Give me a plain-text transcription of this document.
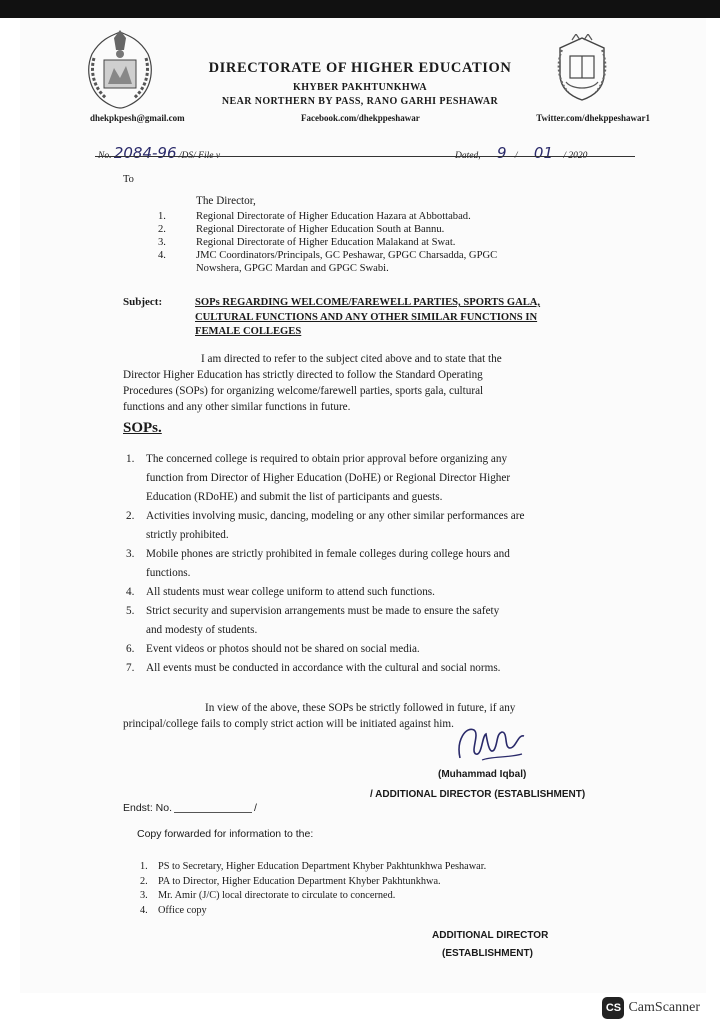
DIRECTORATE OF HIGHER EDUCATION
KHYBER PAKHTUNKHWA
NEAR NORTHERN BY PASS, RANO GARHI PESHAWAR
dhekpkpesh@gmail.com	Facebook.com/dhekppeshawar	Twitter.com/dhekppeshawar1
No. 2084-96 /DS/ File v	Dated, 9 / 01 / 2020
To
The Director,
1.	Regional Directorate of Higher Education Hazara at Abbottabad.
2.	Regional Directorate of Higher Education South at Bannu.
3.	Regional Directorate of Higher Education Malakand at Swat.
4.	JMC Coordinators/Principals, GC Peshawar, GPGC Charsadda, GPGC
Nowshera, GPGC Mardan and GPGC Swabi.
Subject:	SOPs REGARDING WELCOME/FAREWELL PARTIES, SPORTS GALA,
CULTURAL FUNCTIONS AND ANY OTHER SIMILAR FUNCTIONS IN
FEMALE COLLEGES
I am directed to refer to the subject cited above and to state that the
Director Higher Education has strictly directed to follow the Standard Operating
Procedures (SOPs) for organizing welcome/farewell parties, sports gala, cultural
functions and any other similar functions in future.
SOPs.
1. The concerned college is required to obtain prior approval before organizing any
function from Director of Higher Education (DoHE) or Regional Director Higher
Education (RDoHE) and submit the list of participants and guests.
2. Activities involving music, dancing, modeling or any other similar performances are
strictly prohibited.
3. Mobile phones are strictly prohibited in female colleges during college hours and
functions.
4. All students must wear college uniform to attend such functions.
5. Strict security and supervision arrangements must be made to ensure the safety
and modesty of students.
6. Event videos or photos should not be shared on social media.
7. All events must be conducted in accordance with the cultural and social norms.
In view of the above, these SOPs be strictly followed in future, if any
principal/college fails to comply strict action will be initiated against him.
(Muhammad Iqbal)
/ ADDITIONAL DIRECTOR (ESTABLISHMENT)
Endst: No.	/
Copy forwarded for information to the:
1. PS to Secretary, Higher Education Department Khyber Pakhtunkhwa Peshawar.
2. PA to Director, Higher Education Department Khyber Pakhtunkhwa.
3. Mr. Amir (J/C) local directorate to circulate to concerned.
4. Office copy
ADDITIONAL DIRECTOR
(ESTABLISHMENT)
CS CamScanner
